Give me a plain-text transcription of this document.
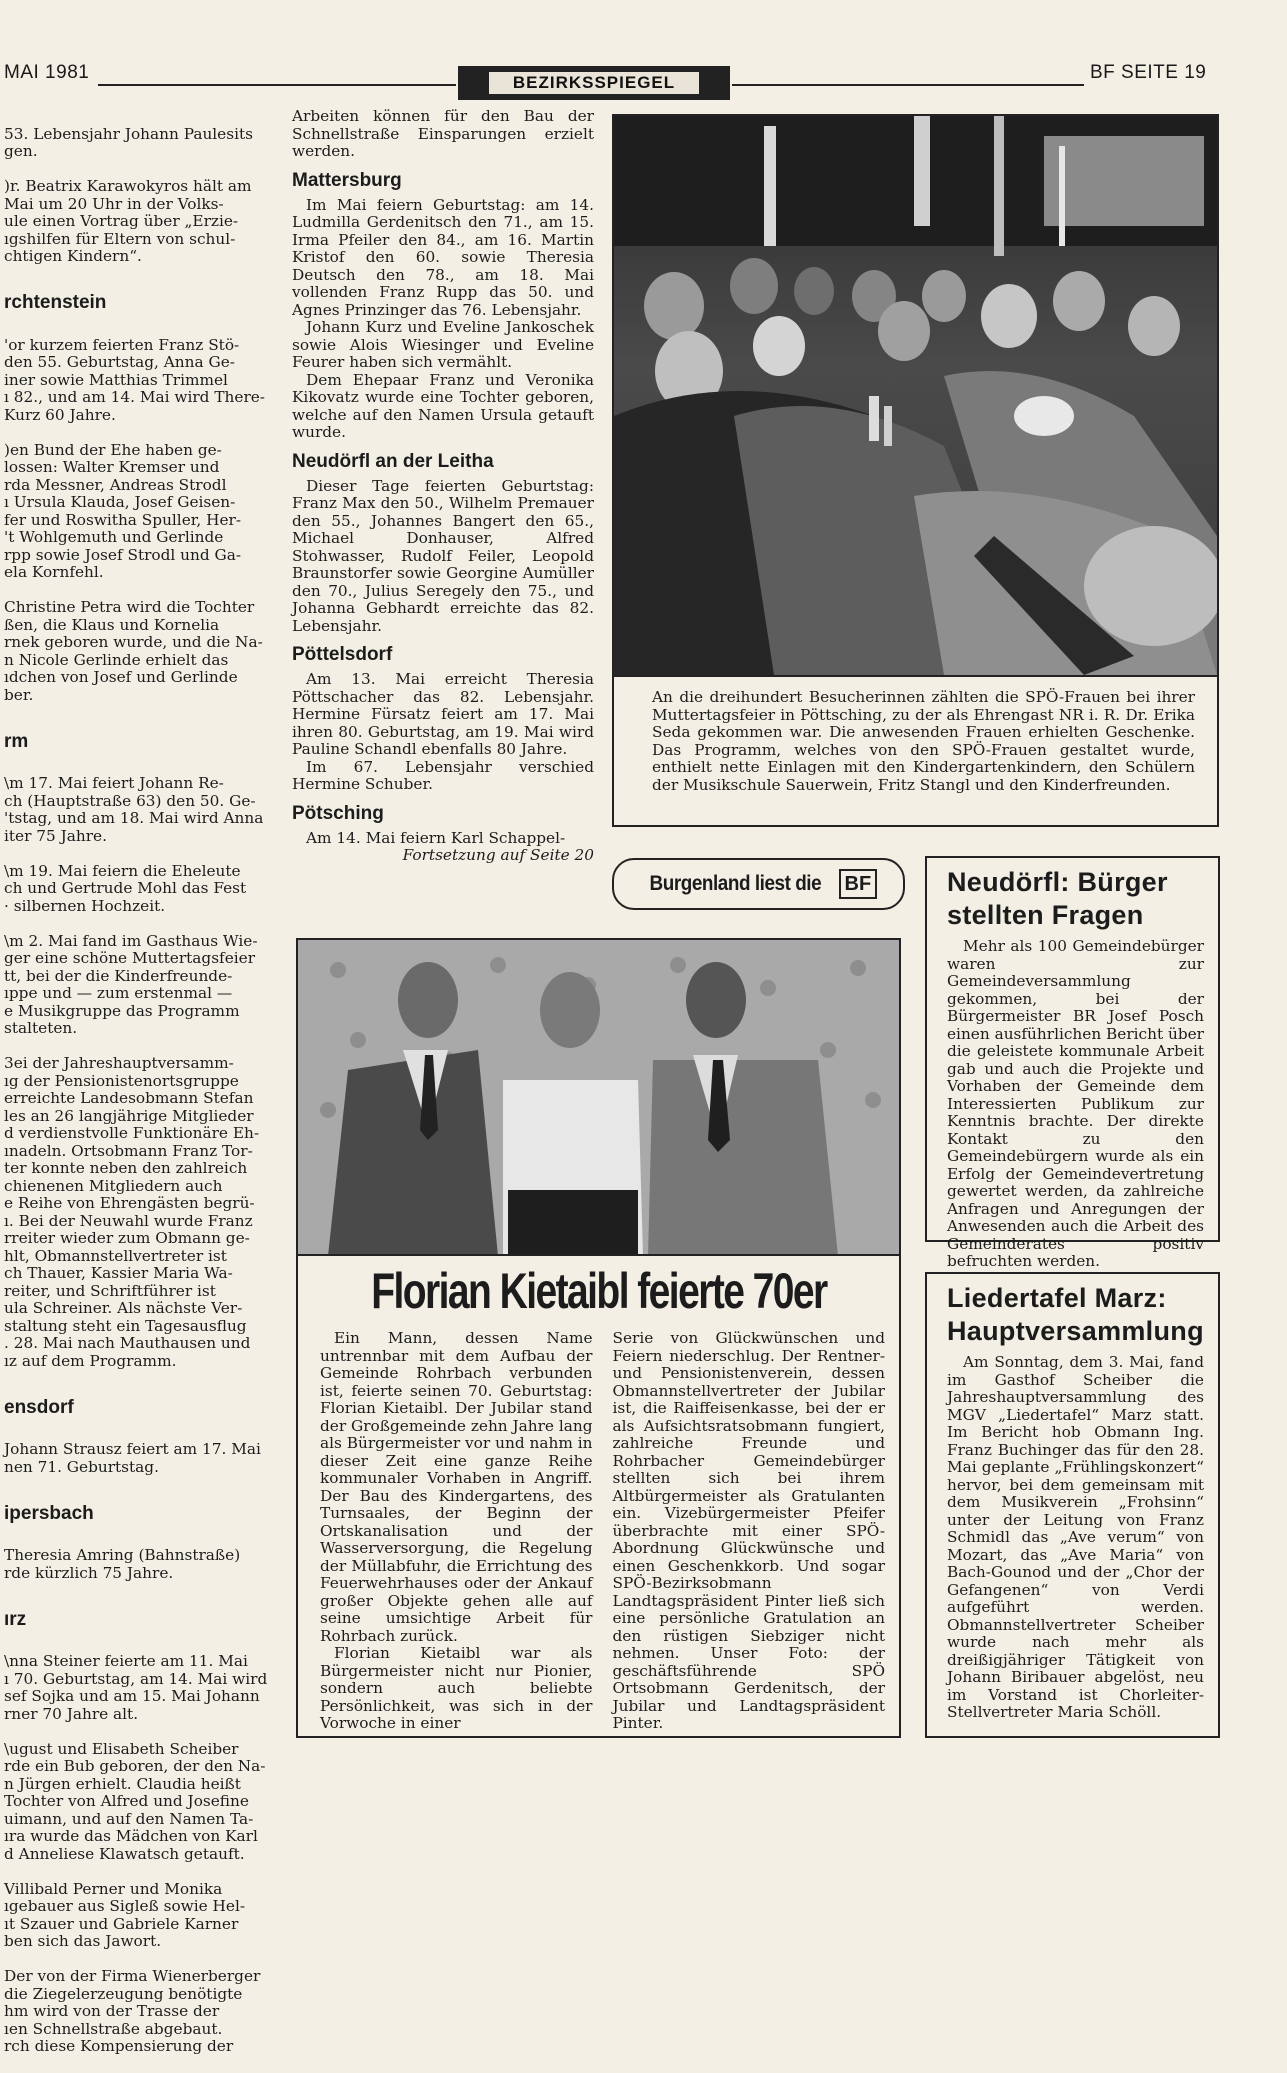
MAI 1981	BEZIRKSSPIEGEL	BF SEITE 19

53. Lebensjahr Johann Paulesits
gen.

)r. Beatrix Karawokyros hält am
Mai um 20 Uhr in der Volks-
ule einen Vortrag über „Erzie-
ıgshilfen für Eltern von schul-
chtigen Kindern“.

rchtenstein

'or kurzem feierten Franz Stö-
den 55. Geburtstag, Anna Ge-
iner sowie Matthias Trimmel
ı 82., und am 14. Mai wird There-
Kurz 60 Jahre.

)en Bund der Ehe haben ge-
lossen: Walter Kremser und
rda Messner, Andreas Strodl
ı Ursula Klauda, Josef Geisen-
fer und Roswitha Spuller, Her-
't Wohlgemuth und Gerlinde
rpp sowie Josef Strodl und Ga-
ela Kornfehl.

Christine Petra wird die Tochter
ßen, die Klaus und Kornelia
rnek geboren wurde, und die Na-
n Nicole Gerlinde erhielt das
ıdchen von Josef und Gerlinde
ber.

rm

\m 17. Mai feiert Johann Re-
ch (Hauptstraße 63) den 50. Ge-
'tstag, und am 18. Mai wird Anna
iter 75 Jahre.

\m 19. Mai feiern die Eheleute
ch und Gertrude Mohl das Fest
· silbernen Hochzeit.

\m 2. Mai fand im Gasthaus Wie-
ger eine schöne Muttertagsfeier
tt, bei der die Kinderfreunde-
ıppe und — zum erstenmal —
e Musikgruppe das Programm
stalteten.

3ei der Jahreshauptversamm-
ıg der Pensionistenortsgruppe
erreichte Landesobmann Stefan
les an 26 langjährige Mitglieder
d verdienstvolle Funktionäre Eh-
ınadeln. Ortsobmann Franz Tor-
ter konnte neben den zahlreich
chienenen Mitgliedern auch
e Reihe von Ehrengästen begrü-
ı. Bei der Neuwahl wurde Franz
rreiter wieder zum Obmann ge-
hlt, Obmannstellvertreter ist
ch Thauer, Kassier Maria Wa-
reiter, und Schriftführer ist
ula Schreiner. Als nächste Ver-
staltung steht ein Tagesausflug
. 28. Mai nach Mauthausen und
ız auf dem Programm.

ensdorf

Johann Strausz feiert am 17. Mai
nen 71. Geburtstag.

ipersbach

Theresia Amring (Bahnstraße)
rde kürzlich 75 Jahre.

ırz

\nna Steiner feierte am 11. Mai
ı 70. Geburtstag, am 14. Mai wird
sef Sojka und am 15. Mai Johann
rner 70 Jahre alt.

\ugust und Elisabeth Scheiber
rde ein Bub geboren, der den Na-
n Jürgen erhielt. Claudia heißt
Tochter von Alfred und Josefine
uimann, und auf den Namen Ta-
ıra wurde das Mädchen von Karl
d Anneliese Klawatsch getauft.

Villibald Perner und Monika
ıgebauer aus Sigleß sowie Hel-
ıt Szauer und Gabriele Karner
ben sich das Jawort.

Der von der Firma Wienerberger
die Ziegelerzeugung benötigte
hm wird von der Trasse der
ıen Schnellstraße abgebaut.
rch diese Kompensierung der

Arbeiten können für den Bau der Schnellstraße Einsparungen erzielt werden.

Mattersburg

Im Mai feiern Geburtstag: am 14. Ludmilla Gerdenitsch den 71., am 15. Irma Pfeiler den 84., am 16. Martin Kristof den 60. sowie Theresia Deutsch den 78., am 18. Mai vollenden Franz Rupp das 50. und Agnes Prinzinger das 76. Lebensjahr.

Johann Kurz und Eveline Jankoschek sowie Alois Wiesinger und Eveline Feurer haben sich vermählt.

Dem Ehepaar Franz und Veronika Kikovatz wurde eine Tochter geboren, welche auf den Namen Ursula getauft wurde.

Neudörfl an der Leitha

Dieser Tage feierten Geburtstag: Franz Max den 50., Wilhelm Premauer den 55., Johannes Bangert den 65., Michael Donhauser, Alfred Stohwasser, Rudolf Feiler, Leopold Braunstorfer sowie Georgine Aumüller den 70., Julius Seregely den 75., und Johanna Gebhardt erreichte das 82. Lebensjahr.

Pöttelsdorf

Am 13. Mai erreicht Theresia Pöttschacher das 82. Lebensjahr. Hermine Fürsatz feiert am 17. Mai ihren 80. Geburtstag, am 19. Mai wird Pauline Schandl ebenfalls 80 Jahre.

Im 67. Lebensjahr verschied Hermine Schuber.

Pötsching

Am 14. Mai feiern Karl Schappel-

Fortsetzung auf Seite 20

An die dreihundert Besucherinnen zählten die SPÖ-Frauen bei ihrer Muttertagsfeier in Pöttsching, zu der als Ehrengast NR i. R. Dr. Erika Seda gekommen war. Die anwesenden Frauen erhielten Geschenke. Das Programm, welches von den SPÖ-Frauen gestaltet wurde, enthielt nette Einlagen mit den Kindergartenkindern, den Schülern der Musikschule Sauerwein, Fritz Stangl und den Kinderfreunden.
Burgenland liest die	BF
Florian Kietaibl feierte 70er

Ein Mann, dessen Name untrennbar mit dem Aufbau der Gemeinde Rohrbach verbunden ist, feierte seinen 70. Geburtstag: Florian Kietaibl. Der Jubilar stand der Großgemeinde zehn Jahre lang als Bürgermeister vor und nahm in dieser Zeit eine ganze Reihe kommunaler Vorhaben in Angriff. Der Bau des Kindergartens, des Turnsaales, der Beginn der Ortskanalisation und der Wasserversorgung, die Regelung der Müllabfuhr, die Errichtung des Feuerwehrhauses oder der Ankauf großer Objekte gehen alle auf seine umsichtige Arbeit für Rohrbach zurück.

Florian Kietaibl war als Bürgermeister nicht nur Pionier, sondern auch beliebte Persönlichkeit, was sich in der Vorwoche in einer

Serie von Glückwünschen und Feiern niederschlug. Der Rentner- und Pensionistenverein, dessen Obmannstellvertreter der Jubilar ist, die Raiffeisenkasse, bei der er als Aufsichtsratsobmann fungiert, zahlreiche Freunde und Rohrbacher Gemeindebürger stellten sich bei ihrem Altbürgermeister als Gratulanten ein. Vizebürgermeister Pfeifer überbrachte mit einer SPÖ-Abordnung Glückwünsche und einen Geschenkkorb. Und sogar SPÖ-Bezirksobmann Landtagspräsident Pinter ließ sich eine persönliche Gratulation an den rüstigen Siebziger nicht nehmen. Unser Foto: der geschäftsführende SPÖ Ortsobmann Gerdenitsch, der Jubilar und Landtagspräsident Pinter.

Neudörfl: Bürger stellten Fragen

Mehr als 100 Gemeindebürger waren zur Gemeindeversammlung gekommen, bei der Bürgermeister BR Josef Posch einen ausführlichen Bericht über die geleistete kommunale Arbeit gab und auch die Projekte und Vorhaben der Gemeinde dem Interessierten Publikum zur Kenntnis brachte. Der direkte Kontakt zu den Gemeindebürgern wurde als ein Erfolg der Gemeindevertretung gewertet werden, da zahlreiche Anfragen und Anregungen der Anwesenden auch die Arbeit des Gemeinderates positiv befruchten werden.

Liedertafel Marz: Hauptversammlung

Am Sonntag, dem 3. Mai, fand im Gasthof Scheiber die Jahreshauptversammlung des MGV „Liedertafel“ Marz statt. Im Bericht hob Obmann Ing. Franz Buchinger das für den 28. Mai geplante „Frühlingskonzert“ hervor, bei dem gemeinsam mit dem Musikverein „Frohsinn“ unter der Leitung von Franz Schmidl das „Ave verum“ von Mozart, das „Ave Maria“ von Bach-Gounod und der „Chor der Gefangenen“ von Verdi aufgeführt werden. Obmannstellvertreter Scheiber wurde nach mehr als dreißigjähriger Tätigkeit von Johann Biribauer abgelöst, neu im Vorstand ist Chorleiter-Stellvertreter Maria Schöll.
